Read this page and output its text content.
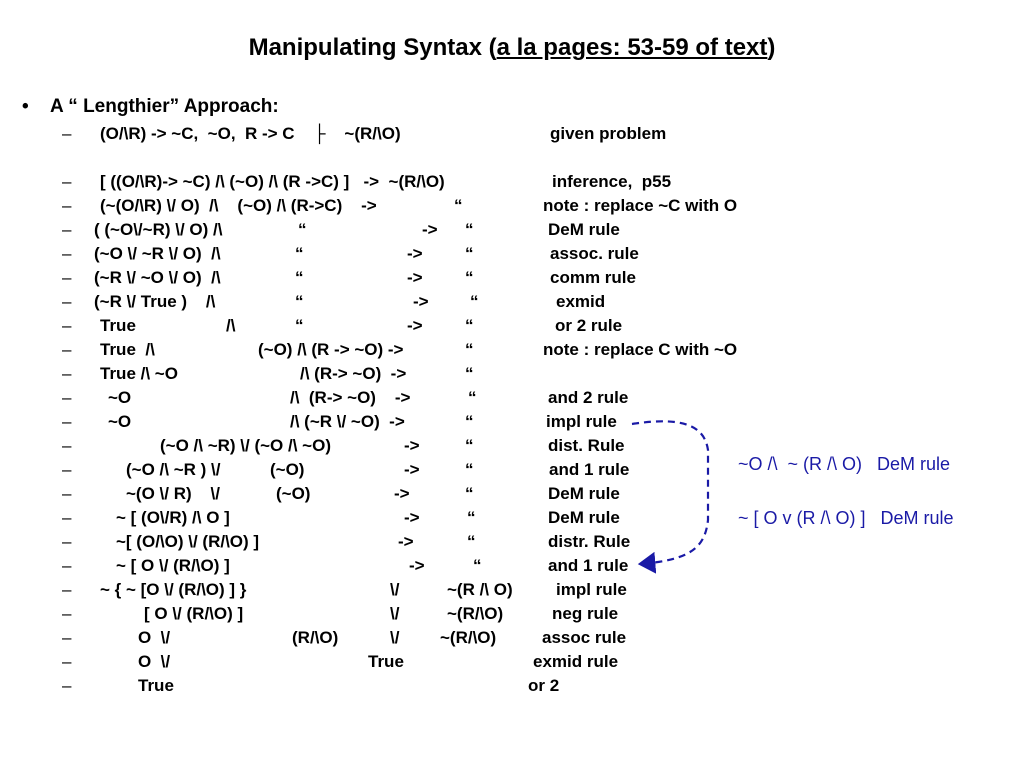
Manipulating Syntax (a la pages: 53-59 of text)
• A “ Lengthier” Approach:
– (O/\R) -> ~C,  ~O,  R -> C    ├    ~(R/\O)	given problem
– [ ((O/\R)-> ~C) /\ (~O) /\ (R ->C) ]   ->  ~(R/\O)	inference,  p55
– (~(O/\R) \/ O)  /\    (~O) /\ (R->C)    ->	“	note : replace ~C with O
– ( (~O\/~R) \/ O) /\	“	-> “	DeM rule
– (~O \/ ~R \/ O)  /\	“	-> “	assoc. rule
– (~R \/ ~O \/ O)  /\	“	-> “	comm rule
– (~R \/ True )    /\	“	-> “	exmid
– True	/\	“	-> “	or 2 rule
– True  /\	(~O) /\ (R -> ~O) ->	“	note : replace C with ~O
– True /\ ~O	/\ (R-> ~O)  ->	“
– ~O	/\  (R-> ~O)    ->	“	and 2 rule
– ~O	/\ (~R \/ ~O)  ->	“	impl rule
–	(~O /\ ~R) \/ (~O /\ ~O)	->	“	dist. Rule
–	(~O /\ ~R ) \/	(~O)	->	“	and 1 rule
–	~(O \/ R)    \/	(~O)	->	“	DeM rule
–	~ [ (O\/R) /\ O ]	->	“	DeM rule
–	~[ (O/\O) \/ (R/\O) ]	->	“	distr. Rule
–	~ [ O \/ (R/\O) ]	->	“	and 1 rule
– ~ { ~ [O \/ (R/\O) ] }	\/	~(R /\ O)	impl rule
–	[ O \/ (R/\O) ]	\/	~(R/\O)	neg rule
–	O  \/	(R/\O)	\/ ~(R/\O)	assoc rule
–	O  \/	True	exmid rule
–	True	or 2
~O /\  ~ (R /\ O)   DeM rule
~ [ O v (R /\ O) ]   DeM rule
